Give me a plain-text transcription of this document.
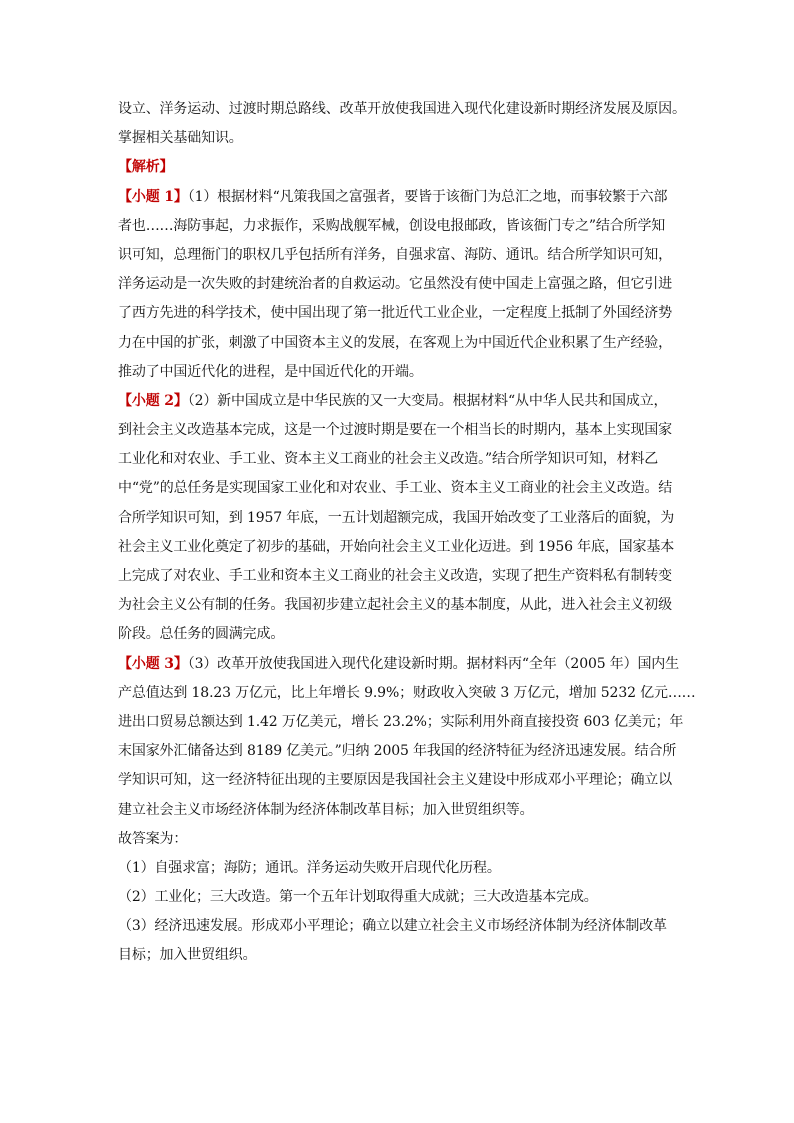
设立、洋务运动、过渡时期总路线、改革开放使我国进入现代化建设新时期经济发展及原因。
掌握相关基础知识。
【解析】
【小题 1】（1）根据材料“凡策我国之富强者，要皆于该衙门为总汇之地，而事较繁于六部
者也……海防事起，力求振作，采购战舰军械，创设电报邮政，皆该衙门专之”结合所学知
识可知，总理衙门的职权几乎包括所有洋务，自强求富、海防、通讯。结合所学知识可知，
洋务运动是一次失败的封建统治者的自救运动。它虽然没有使中国走上富强之路，但它引进
了西方先进的科学技术，使中国出现了第一批近代工业企业，一定程度上抵制了外国经济势
力在中国的扩张，刺激了中国资本主义的发展，在客观上为中国近代企业积累了生产经验，
推动了中国近代化的进程，是中国近代化的开端。
【小题 2】（2）新中国成立是中华民族的又一大变局。根据材料“从中华人民共和国成立，
到社会主义改造基本完成，这是一个过渡时期是要在一个相当长的时期内，基本上实现国家
工业化和对农业、手工业、资本主义工商业的社会主义改造。”结合所学知识可知，材料乙
中“党”的总任务是实现国家工业化和对农业、手工业、资本主义工商业的社会主义改造。结
合所学知识可知，到 1957 年底，一五计划超额完成，我国开始改变了工业落后的面貌，为
社会主义工业化奠定了初步的基础，开始向社会主义工业化迈进。到 1956 年底，国家基本
上完成了对农业、手工业和资本主义工商业的社会主义改造，实现了把生产资料私有制转变
为社会主义公有制的任务。我国初步建立起社会主义的基本制度，从此，进入社会主义初级
阶段。总任务的圆满完成。
【小题 3】（3）改革开放使我国进入现代化建设新时期。据材料丙“全年（2005 年）国内生
产总值达到 18.23 万亿元，比上年增长 9.9%；财政收入突破 3 万亿元，增加 5232 亿元……
进出口贸易总额达到 1.42 万亿美元，增长 23.2%；实际利用外商直接投资 603 亿美元；年
末国家外汇储备达到 8189 亿美元。”归纳 2005 年我国的经济特征为经济迅速发展。结合所
学知识可知，这一经济特征出现的主要原因是我国社会主义建设中形成邓小平理论；确立以
建立社会主义市场经济体制为经济体制改革目标；加入世贸组织等。
故答案为：
（1）自强求富；海防；通讯。洋务运动失败开启现代化历程。
（2）工业化；三大改造。第一个五年计划取得重大成就；三大改造基本完成。
（3）经济迅速发展。形成邓小平理论；确立以建立社会主义市场经济体制为经济体制改革
目标；加入世贸组织。
